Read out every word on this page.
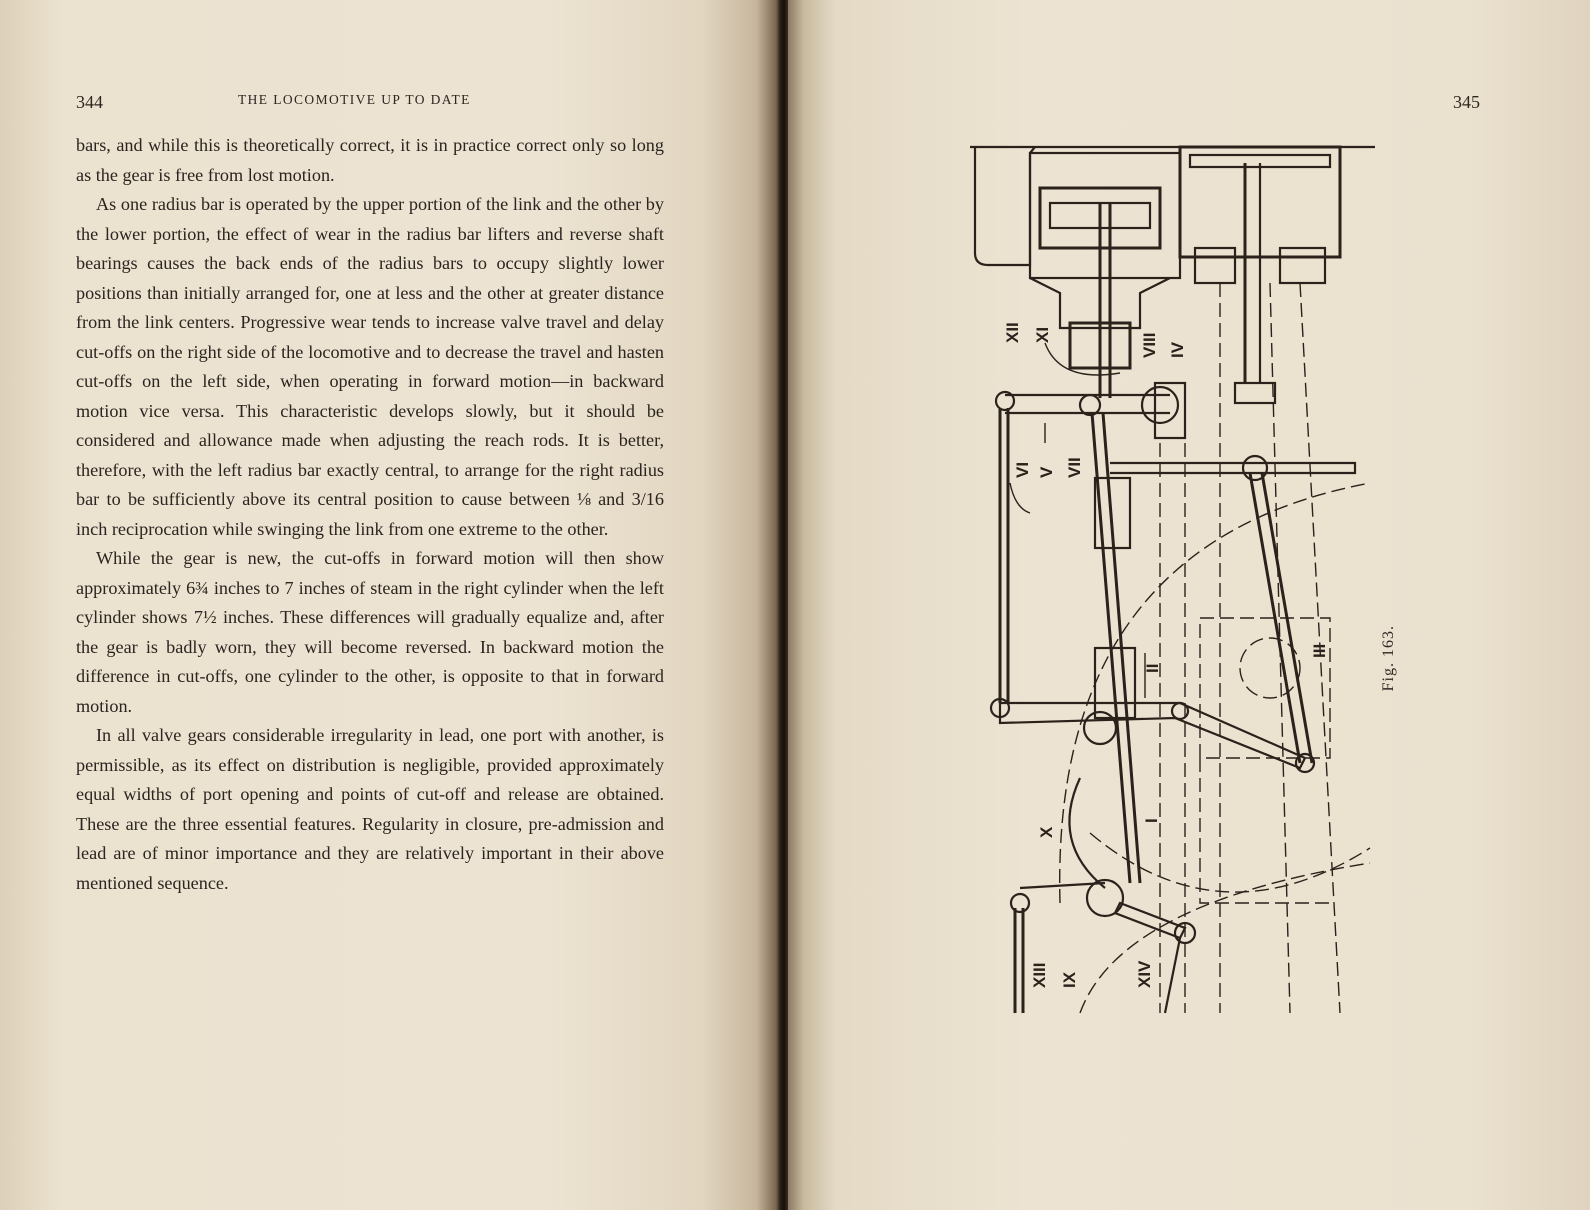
344	THE LOCOMOTIVE UP TO DATE

bars, and while this is theoretically correct, it is in practice correct only so long as the gear is free from lost motion.

As one radius bar is operated by the upper portion of the link and the other by the lower portion, the effect of wear in the radius bar lifters and reverse shaft bearings causes the back ends of the radius bars to occupy slightly lower positions than initially arranged for, one at less and the other at greater distance from the link centers. Progressive wear tends to increase valve travel and delay cut-offs on the right side of the locomotive and to decrease the travel and hasten cut-offs on the left side, when operating in forward motion—in backward motion vice versa. This characteristic develops slowly, but it should be considered and allowance made when adjusting the reach rods. It is better, therefore, with the left radius bar exactly central, to arrange for the right radius bar to be sufficiently above its central position to cause between ⅛ and 3/16 inch reciprocation while swinging the link from one extreme to the other.

While the gear is new, the cut-offs in forward motion will then show approximately 6¾ inches to 7 inches of steam in the right cylinder when the left cylinder shows 7½ inches. These differences will gradually equalize and, after the gear is badly worn, they will become reversed. In backward motion the difference in cut-offs, one cylinder to the other, is opposite to that in forward motion.

In all valve gears considerable irregularity in lead, one port with another, is permissible, as its effect on distribution is negligible, provided approximately equal widths of port opening and points of cut-off and release are obtained. These are the three essential features. Regularity in closure, pre-admission and lead are of minor importance and they are relatively important in their above mentioned sequence.

345
XII XI	VIII IV
VI V VII
III
II
I
X
XIII IX	XIV
Fig. 163.
